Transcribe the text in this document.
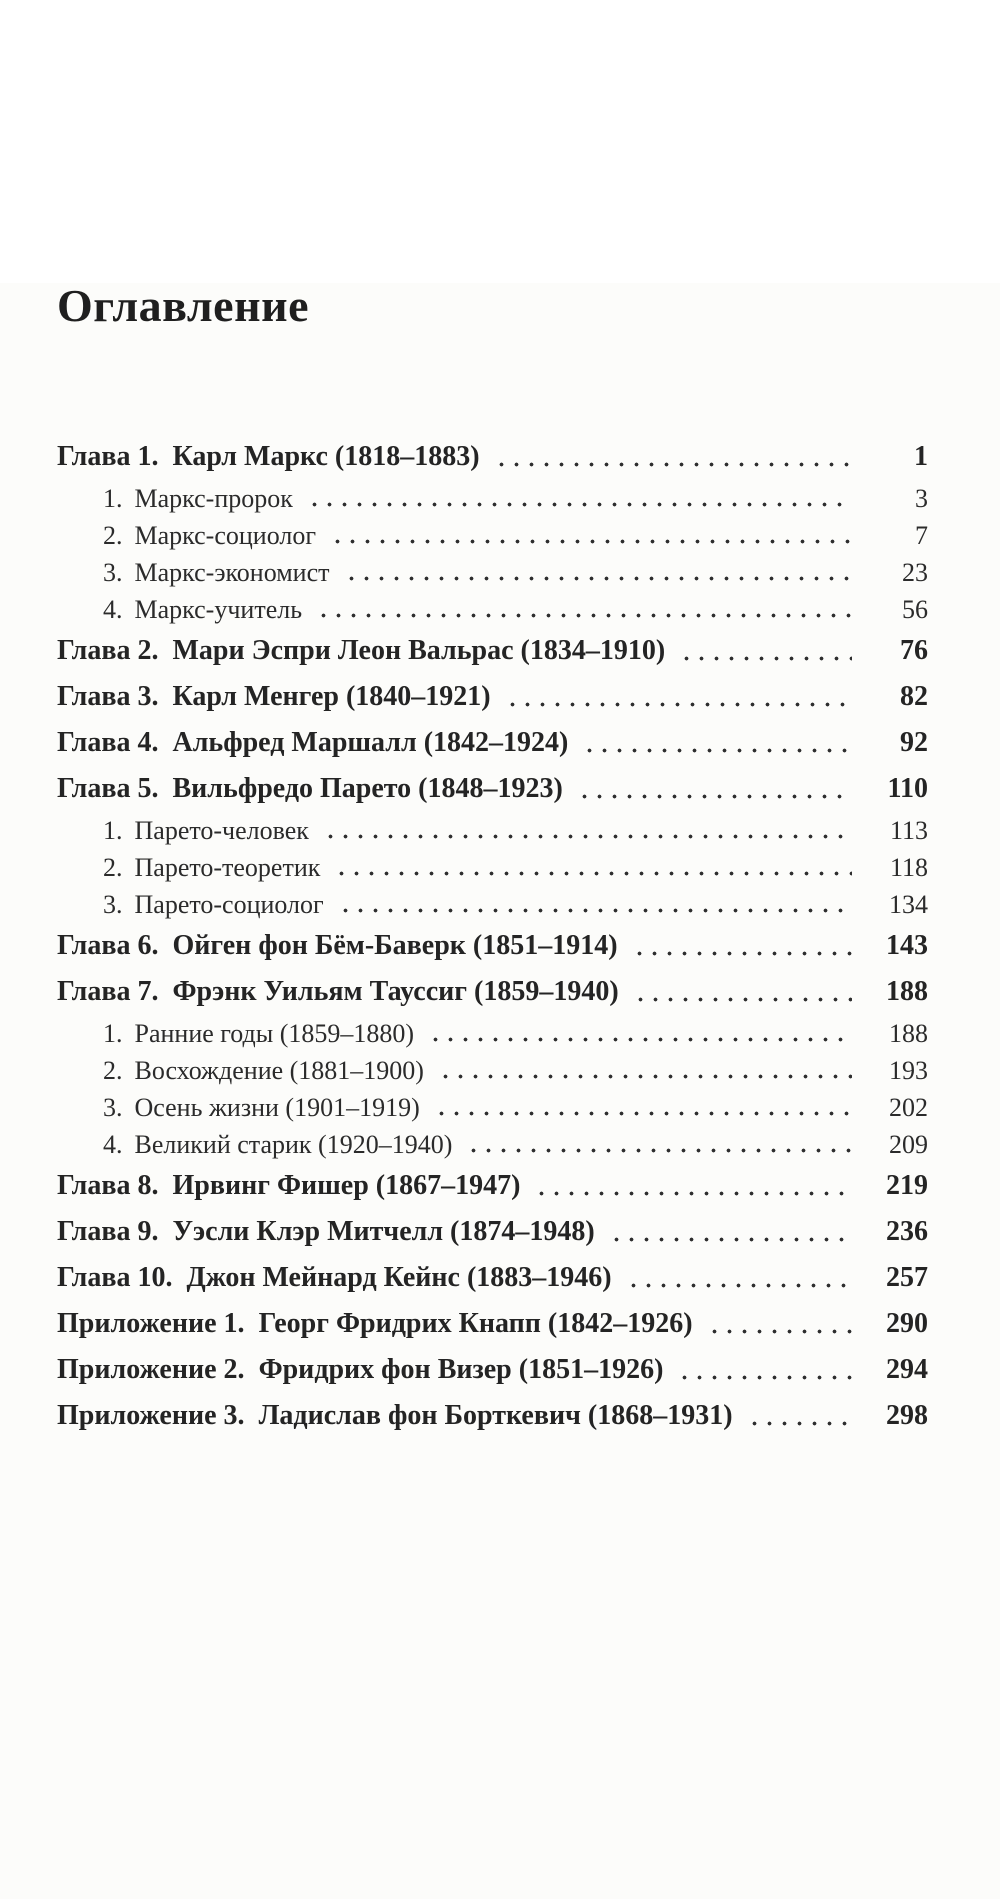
Оглавление
Глава 1. Карл Маркс (1818–1883)	1
1. Маркс-пророк	3
2. Маркс-социолог	7
3. Маркс-экономист	23
4. Маркс-учитель	56
Глава 2. Мари Эспри Леон Вальрас (1834–1910)	76
Глава 3. Карл Менгер (1840–1921)	82
Глава 4. Альфред Маршалл (1842–1924)	92
Глава 5. Вильфредо Парето (1848–1923)	110
1. Парето-человек	113
2. Парето-теоретик	118
3. Парето-социолог	134
Глава 6. Ойген фон Бём-Баверк (1851–1914)	143
Глава 7. Фрэнк Уильям Тауссиг (1859–1940)	188
1. Ранние годы (1859–1880)	188
2. Восхождение (1881–1900)	193
3. Осень жизни (1901–1919)	202
4. Великий старик (1920–1940)	209
Глава 8. Ирвинг Фишер (1867–1947)	219
Глава 9. Уэсли Клэр Митчелл (1874–1948)	236
Глава 10. Джон Мейнард Кейнс (1883–1946)	257
Приложение 1. Георг Фридрих Кнапп (1842–1926)	290
Приложение 2. Фридрих фон Визер (1851–1926)	294
Приложение 3. Ладислав фон Борткевич (1868–1931)	298
